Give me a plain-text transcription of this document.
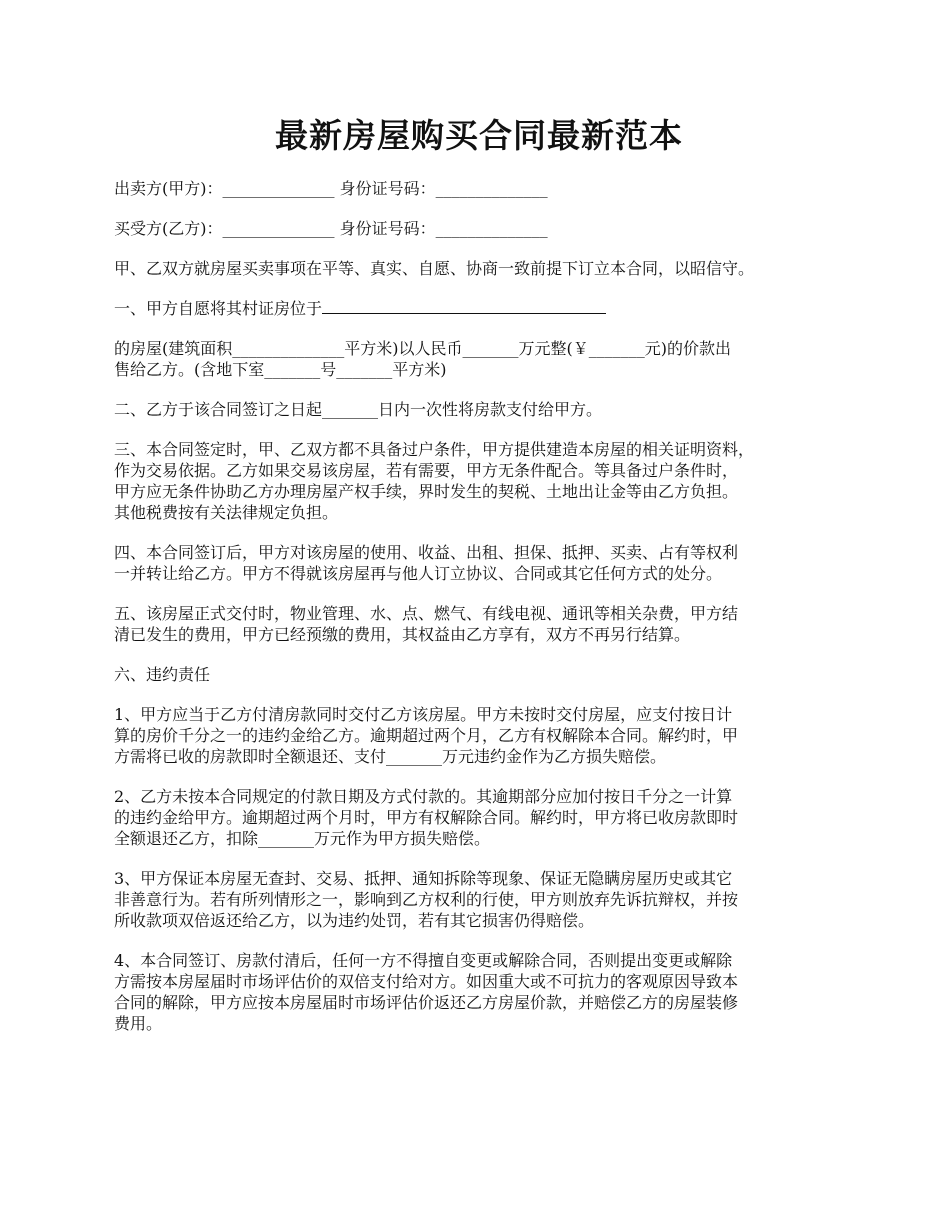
最新房屋购买合同最新范本

出卖方(甲方)：______________ 身份证号码：______________

买受方(乙方)：______________ 身份证号码：______________

甲、乙双方就房屋买卖事项在平等、真实、自愿、协商一致前提下订立本合同，以昭信守。

一、甲方自愿将其村证房位于

的房屋(建筑面积______________平方米)以人民币_______万元整(￥_______元)的价款出
售给乙方。(含地下室_______号_______平方米)

二、乙方于该合同签订之日起_______日内一次性将房款支付给甲方。

三、本合同签定时，甲、乙双方都不具备过户条件，甲方提供建造本房屋的相关证明资料，
作为交易依据。乙方如果交易该房屋，若有需要，甲方无条件配合。等具备过户条件时，
甲方应无条件协助乙方办理房屋产权手续，界时发生的契税、土地出让金等由乙方负担。
其他税费按有关法律规定负担。

四、本合同签订后，甲方对该房屋的使用、收益、出租、担保、抵押、买卖、占有等权利
一并转让给乙方。甲方不得就该房屋再与他人订立协议、合同或其它任何方式的处分。

五、该房屋正式交付时，物业管理、水、点、燃气、有线电视、通讯等相关杂费，甲方结
清已发生的费用，甲方已经预缴的费用，其权益由乙方享有，双方不再另行结算。

六、违约责任

1、甲方应当于乙方付清房款同时交付乙方该房屋。甲方未按时交付房屋，应支付按日计
算的房价千分之一的违约金给乙方。逾期超过两个月，乙方有权解除本合同。解约时，甲
方需将已收的房款即时全额退还、支付_______万元违约金作为乙方损失赔偿。

2、乙方未按本合同规定的付款日期及方式付款的。其逾期部分应加付按日千分之一计算
的违约金给甲方。逾期超过两个月时，甲方有权解除合同。解约时，甲方将已收房款即时
全额退还乙方，扣除_______万元作为甲方损失赔偿。

3、甲方保证本房屋无查封、交易、抵押、通知拆除等现象、保证无隐瞒房屋历史或其它
非善意行为。若有所列情形之一，影响到乙方权利的行使，甲方则放弃先诉抗辩权，并按
所收款项双倍返还给乙方，以为违约处罚，若有其它损害仍得赔偿。

4、本合同签订、房款付清后，任何一方不得擅自变更或解除合同，否则提出变更或解除
方需按本房屋届时市场评估价的双倍支付给对方。如因重大或不可抗力的客观原因导致本
合同的解除，甲方应按本房屋届时市场评估价返还乙方房屋价款，并赔偿乙方的房屋装修
费用。
